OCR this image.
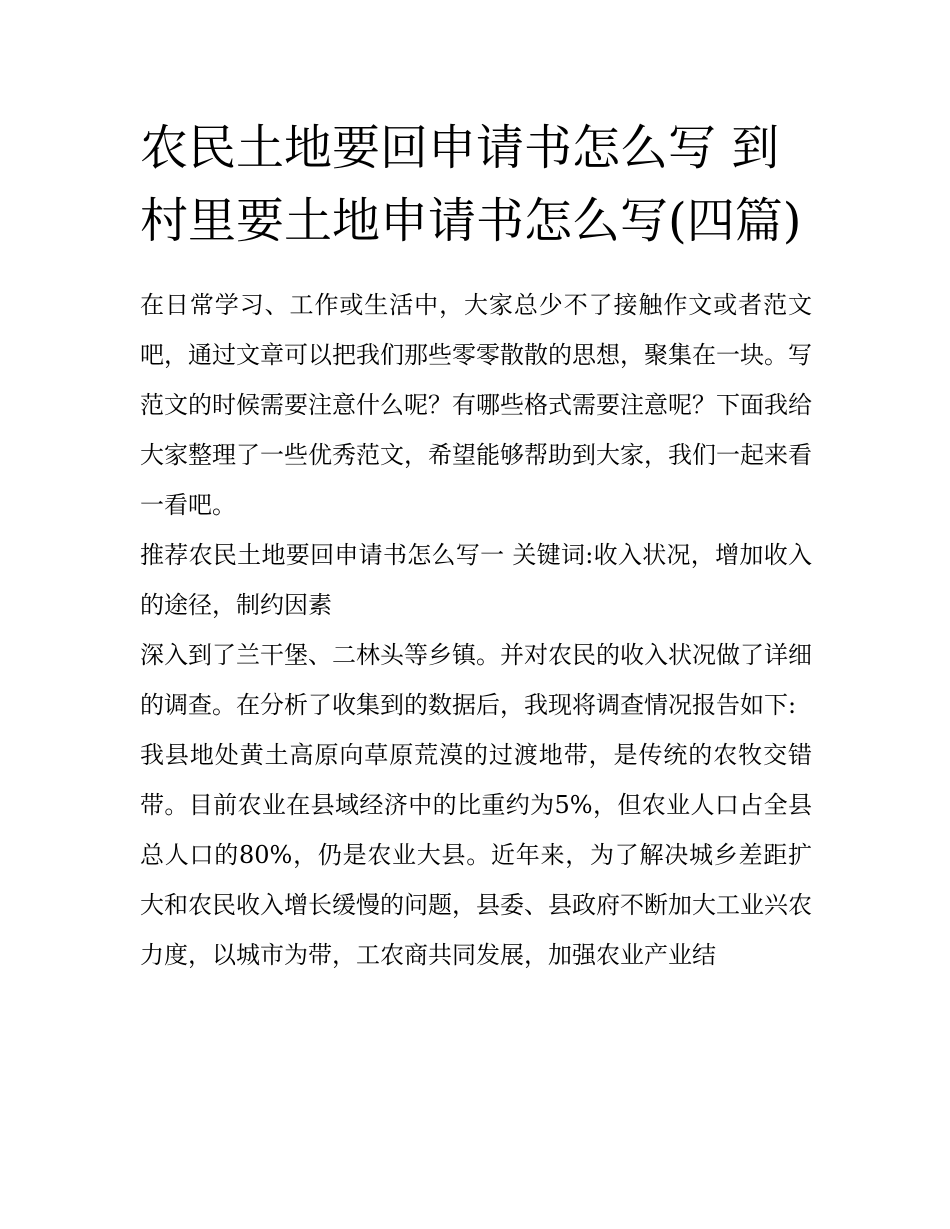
农民土地要回申请书怎么写 到村里要土地申请书怎么写(四篇)

在日常学习、工作或生活中，大家总少不了接触作文或者范文吧，通过文章可以把我们那些零零散散的思想，聚集在一块。写范文的时候需要注意什么呢？有哪些格式需要注意呢？下面我给大家整理了一些优秀范文，希望能够帮助到大家，我们一起来看一看吧。

推荐农民土地要回申请书怎么写一 关键词:收入状况，增加收入的途径，制约因素

深入到了兰干堡、二林头等乡镇。并对农民的收入状况做了详细的调查。在分析了收集到的数据后，我现将调查情况报告如下:

我县地处黄土高原向草原荒漠的过渡地带，是传统的农牧交错带。目前农业在县域经济中的比重约为5%，但农业人口占全县总人口的80%，仍是农业大县。近年来，为了解决城乡差距扩大和农民收入增长缓慢的问题，县委、县政府不断加大工业兴农力度，以城市为带，工农商共同发展，加强农业产业结
